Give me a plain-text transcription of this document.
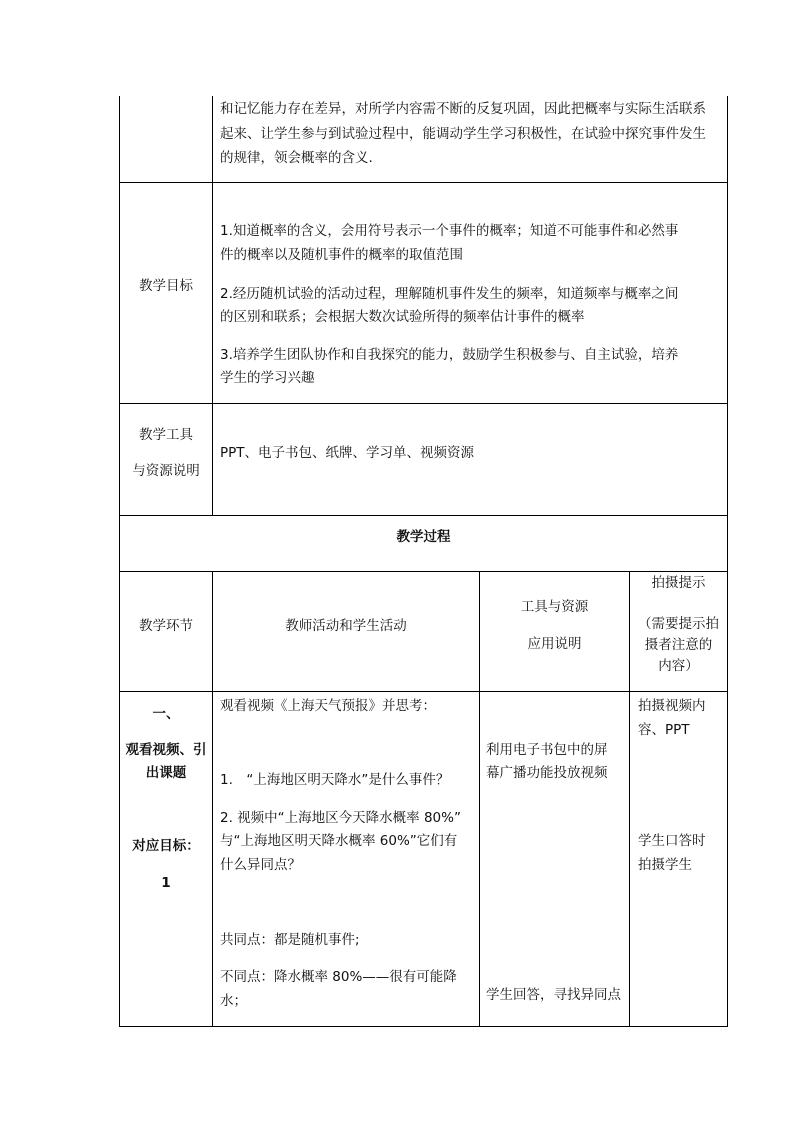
和记忆能力存在差异，对所学内容需不断的反复巩固，因此把概率与实际生活联系
起来、让学生参与到试验过程中，能调动学生学习积极性，在试验中探究事件发生
的规律，领会概率的含义.
教学目标
1.知道概率的含义，会用符号表示一个事件的概率；知道不可能事件和必然事
件的概率以及随机事件的概率的取值范围
2.经历随机试验的活动过程，理解随机事件发生的频率，知道频率与概率之间
的区别和联系；会根据大数次试验所得的频率估计事件的概率
3.培养学生团队协作和自我探究的能力，鼓励学生积极参与、自主试验，培养
学生的学习兴趣
教学工具
与资源说明
PPT、电子书包、纸牌、学习单、视频资源
教学过程
教学环节	教师活动和学生活动
工具与资源
应用说明
拍摄提示
（需要提示拍
摄者注意的
内容）
一、
观看视频、引
出课题
对应目标：
1
观看视频《上海天气预报》并思考：
1.　“上海地区明天降水”是什么事件？
2. 视频中“上海地区今天降水概率 80%”
与“上海地区明天降水概率 60%”它们有
什么异同点？
共同点：都是随机事件;
不同点：降水概率 80%——很有可能降
水；
利用电子书包中的屏
幕广播功能投放视频
学生回答，寻找异同点
拍摄视频内
容、PPT
学生口答时
拍摄学生
